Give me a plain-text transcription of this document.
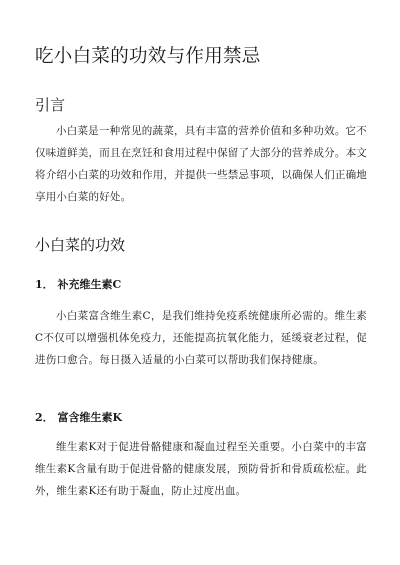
吃小白菜的功效与作用禁忌
引言

小白菜是一种常见的蔬菜，具有丰富的营养价值和多种功效。它不仅味道鲜美，而且在烹饪和食用过程中保留了大部分的营养成分。本文将介绍小白菜的功效和作用，并提供一些禁忌事项，以确保人们正确地享用小白菜的好处。

小白菜的功效
1． 补充维生素C

小白菜富含维生素C，是我们维持免疫系统健康所必需的。维生素C不仅可以增强机体免疫力，还能提高抗氧化能力，延缓衰老过程，促进伤口愈合。每日摄入适量的小白菜可以帮助我们保持健康。

2． 富含维生素K

维生素K对于促进骨骼健康和凝血过程至关重要。小白菜中的丰富维生素K含量有助于促进骨骼的健康发展，预防骨折和骨质疏松症。此外，维生素K还有助于凝血，防止过度出血。
